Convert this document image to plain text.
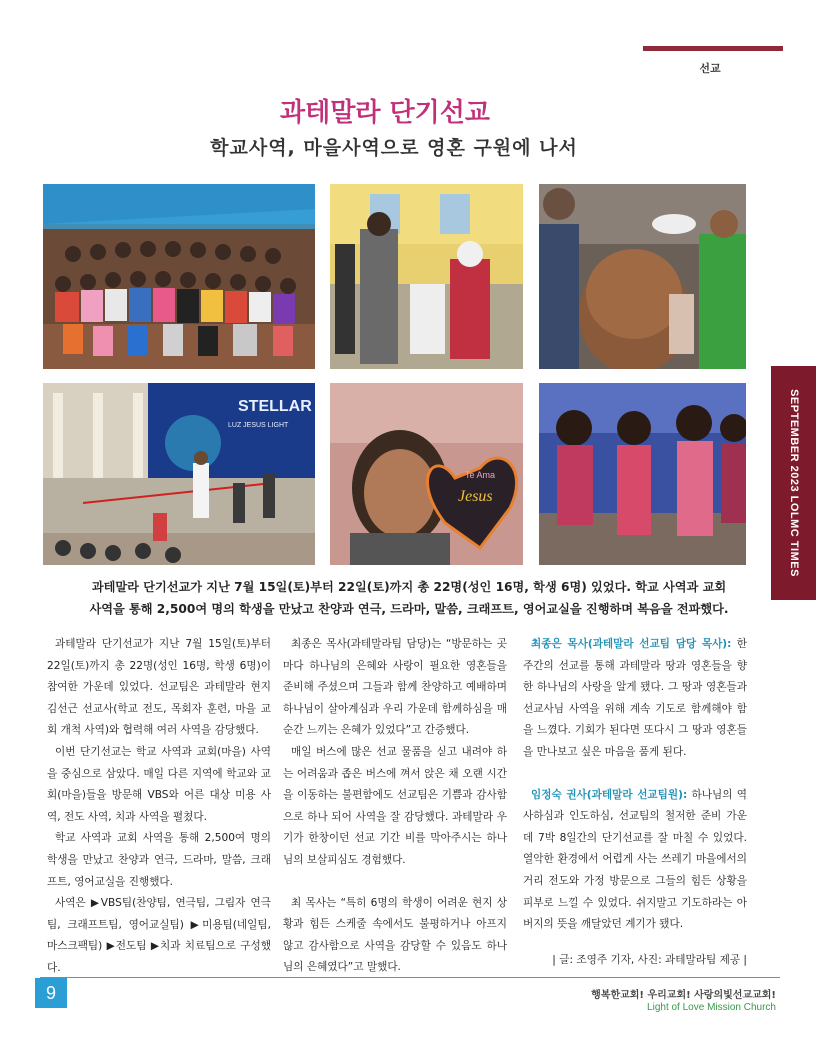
선교
SEPTEMBER 2023 LOLMC TIMES
과테말라 단기선교
학교사역, 마을사역으로 영혼 구원에 나서
STELLAR
LUZ JESUS LIGHT
Te Ama
Jesus
과테말라 단기선교가 지난 7월 15일(토)부터 22일(토)까지 총 22명(성인 16명, 학생 6명) 있었다. 학교 사역과 교회
사역을 통해 2,500여 명의 학생을 만났고 찬양과 연극, 드라마, 말씀, 크래프트, 영어교실을 진행하며 복음을 전파했다.

과테말라 단기선교가 지난 7월 15일(토)부터 22일(토)까지 총 22명(성인 16명, 학생 6명)이 참여한 가운데 있었다. 선교팀은 과테말라 현지 김선근 선교사(학교 전도, 목회자 훈련, 마을 교회 개척 사역)와 협력해 여러 사역을 감당했다.

이번 단기선교는 학교 사역과 교회(마을) 사역을 중심으로 삼았다. 매일 다른 지역에 학교와 교회(마을)들을 방문해 VBS와 어른 대상 미용 사역, 전도 사역, 치과 사역을 펼쳤다.

학교 사역과 교회 사역을 통해 2,500여 명의 학생을 만났고 찬양과 연극, 드라마, 말씀, 크래프트, 영어교실을 진행했다.

사역은 ▶VBS팀(찬양팀, 연극팀, 그림자 연극팀, 크래프트팀, 영어교실팀) ▶미용팀(네일팀, 마스크팩팀) ▶전도팀 ▶치과 치료팀으로 구성했다.

최종은 목사(과테말라팀 담당)는 “방문하는 곳마다 하나님의 은혜와 사랑이 필요한 영혼들을 준비해 주셨으며 그들과 함께 찬양하고 예배하며 하나님이 살아계심과 우리 가운데 함께하심을 매 순간 느끼는 은혜가 있었다”고 간증했다.

매일 버스에 많은 선교 물품을 싣고 내려야 하는 어려움과 좁은 버스에 껴서 앉은 채 오랜 시간을 이동하는 불편함에도 선교팀은 기쁨과 감사함으로 하나 되어 사역을 잘 감당했다. 과테말라 우기가 한창이던 선교 기간 비를 막아주시는 하나님의 보살피심도 경험했다.

최 목사는 “특히 6명의 학생이 어려운 현지 상황과 힘든 스케줄 속에서도 불평하거나 아프지 않고 감사함으로 사역을 감당할 수 있음도 하나님의 은혜였다”고 말했다.

최종은 목사(과테말라 선교팀 담당 목사): 한 주간의 선교를 통해 과테말라 땅과 영혼들을 향한 하나님의 사랑을 알게 됐다. 그 땅과 영혼들과 선교사님 사역을 위해 계속 기도로 함께해야 함을 느꼈다. 기회가 된다면 또다시 그 땅과 영혼들을 만나보고 싶은 마음을 품게 된다.

임정숙 권사(과테말라 선교팀원): 하나님의 역사하심과 인도하심, 선교팀의 철저한 준비 가운데 7박 8일간의 단기선교를 잘 마칠 수 있었다. 열악한 환경에서 어렵게 사는 쓰레기 마을에서의 거리 전도와 가정 방문으로 그들의 힘든 상황을 피부로 느낄 수 있었다. 쉬지말고 기도하라는 아버지의 뜻을 깨달았던 계기가 됐다.

| 글: 조영주 기자, 사진: 과테말라팀 제공 |

9	행복한교회! 우리교회! 사랑의빛선교교회!
Light of Love Mission Church
